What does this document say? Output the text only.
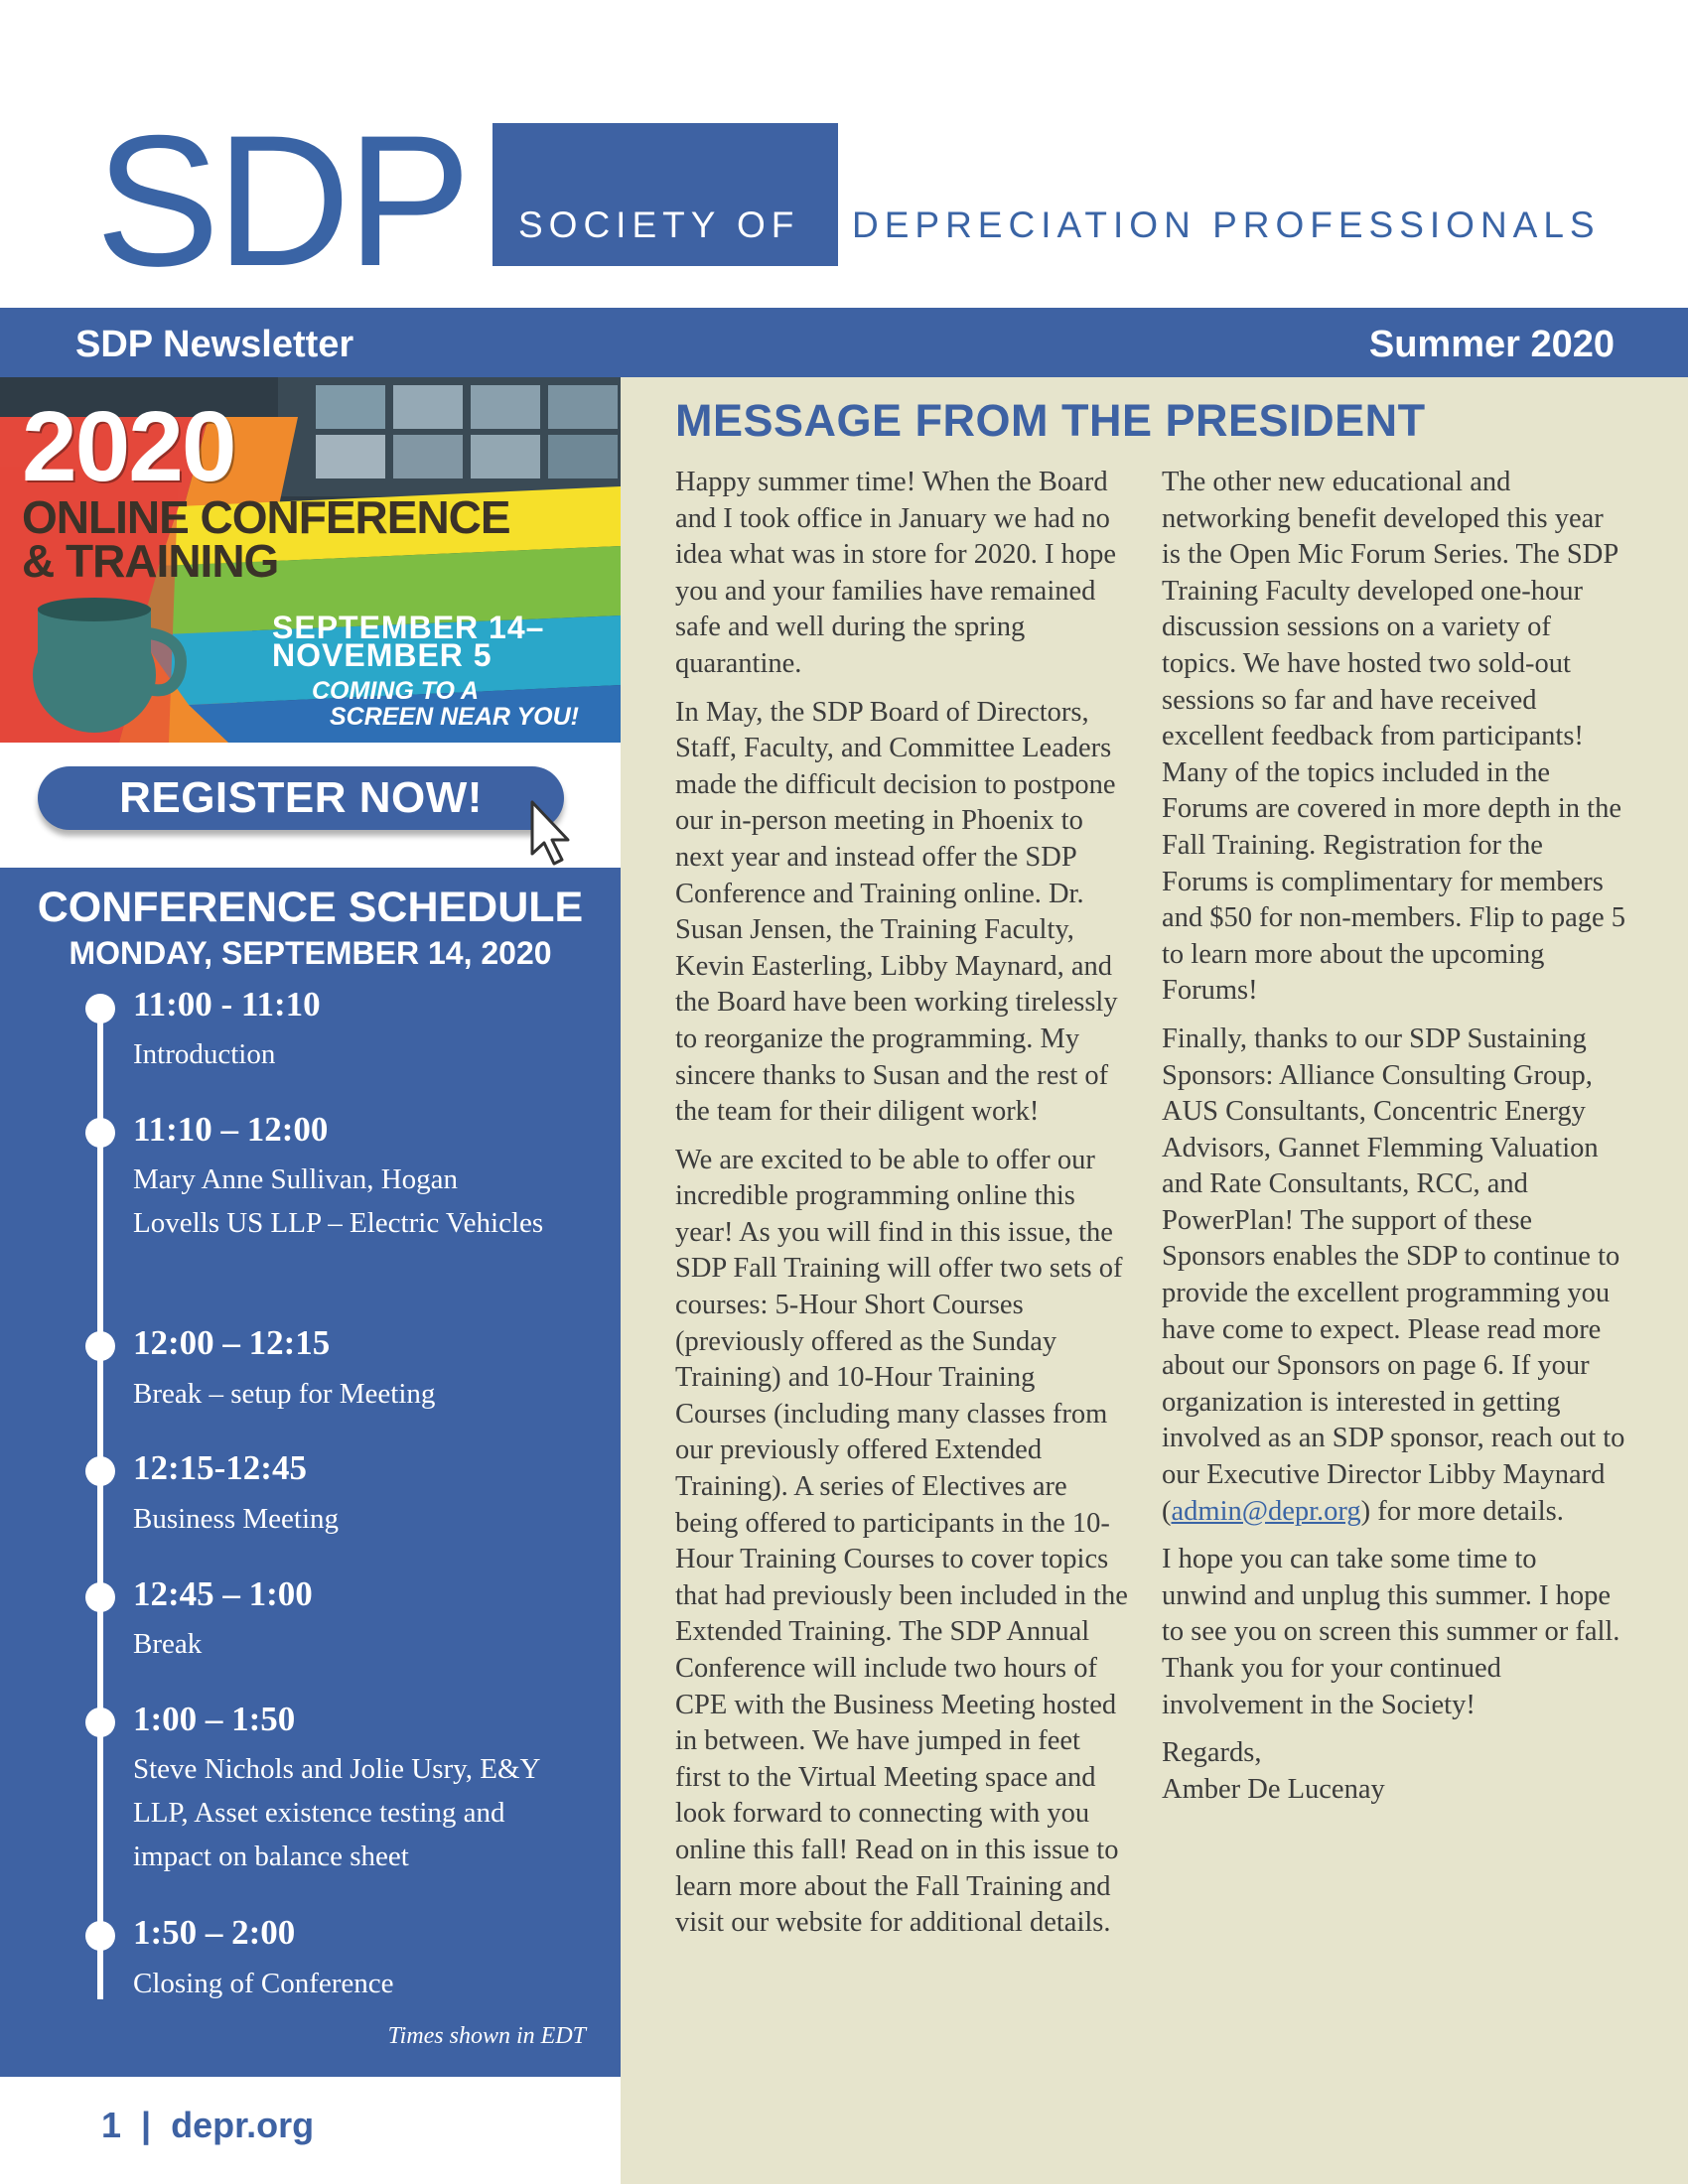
SDP SOCIETY OF DEPRECIATION PROFESSIONALS
SDP Newsletter	Summer 2020
2020
ONLINE CONFERENCE
& TRAINING
SEPTEMBER 14–
NOVEMBER 5
COMING TO A
SCREEN NEAR YOU!
REGISTER NOW!
CONFERENCE SCHEDULE
MONDAY, SEPTEMBER 14, 2020
11:00 - 11:10
Introduction
11:10 – 12:00
Mary Anne Sullivan, Hogan Lovells US LLP – Electric Vehicles
12:00 – 12:15
Break – setup for Meeting
12:15-12:45
Business Meeting
12:45 – 1:00
Break
1:00 – 1:50
Steve Nichols and Jolie Usry, E&Y LLP, Asset existence testing and impact on balance sheet
1:50 – 2:00
Closing of Conference
Times shown in EDT
1  |  depr.org
MESSAGE FROM THE PRESIDENT

Happy summer time! When the Board and I took office in January we had no idea what was in store for 2020. I hope you and your families have remained safe and well during the spring quarantine.

In May, the SDP Board of Directors, Staff, Faculty, and Committee Leaders made the difficult decision to postpone our in-person meeting in Phoenix to next year and instead offer the SDP Conference and Training online. Dr. Susan Jensen, the Training Faculty, Kevin Easterling, Libby Maynard, and the Board have been working tirelessly to reorganize the programming. My sincere thanks to Susan and the rest of the team for their diligent work!

We are excited to be able to offer our incredible programming online this year! As you will find in this issue, the SDP Fall Training will offer two sets of courses: 5-Hour Short Courses (previously offered as the Sunday Training) and 10-Hour Training Courses (including many classes from our previously offered Extended Training). A series of Electives are being offered to participants in the 10-Hour Training Courses to cover topics that had previously been included in the Extended Training. The SDP Annual Conference will include two hours of CPE with the Business Meeting hosted in between. We have jumped in feet first to the Virtual Meeting space and look forward to connecting with you online this fall! Read on in this issue to learn more about the Fall Training and visit our website for additional details.

The other new educational and networking benefit developed this year is the Open Mic Forum Series. The SDP Training Faculty developed one-hour discussion sessions on a variety of topics. We have hosted two sold-out sessions so far and have received excellent feedback from participants! Many of the topics included in the Forums are covered in more depth in the Fall Training. Registration for the Forums is complimentary for members and $50 for non-members. Flip to page 5 to learn more about the upcoming Forums!

Finally, thanks to our SDP Sustaining Sponsors: Alliance Consulting Group, AUS Consultants, Concentric Energy Advisors, Gannet Flemming Valuation and Rate Consultants, RCC, and PowerPlan! The support of these Sponsors enables the SDP to continue to provide the excellent programming you have come to expect. Please read more about our Sponsors on page 6. If your organization is interested in getting involved as an SDP sponsor, reach out to our Executive Director Libby Maynard (admin@depr.org) for more details.

I hope you can take some time to unwind and unplug this summer. I hope to see you on screen this summer or fall. Thank you for your continued involvement in the Society!

Regards,

Amber De Lucenay
